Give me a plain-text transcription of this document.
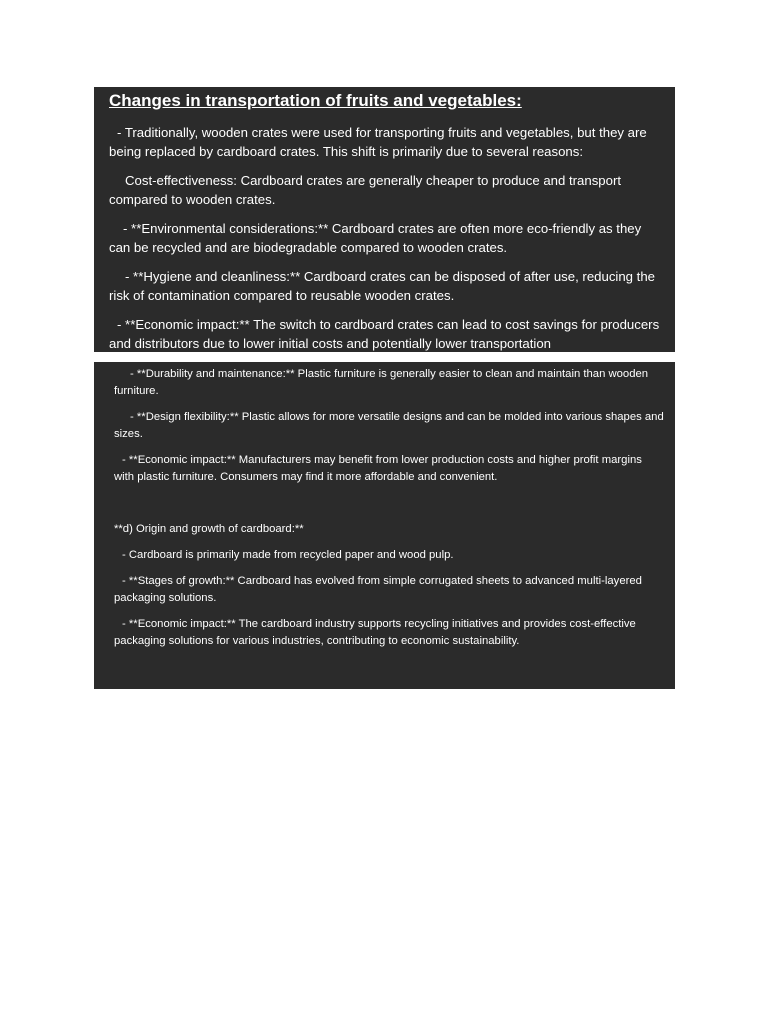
Changes in transportation of fruits and vegetables:

- Traditionally, wooden crates were used for transporting fruits and vegetables, but they are being replaced by cardboard crates. This shift is primarily due to several reasons:

Cost-effectiveness: Cardboard crates are generally cheaper to produce and transport compared to wooden crates.

- **Environmental considerations:** Cardboard crates are often more eco-friendly as they can be recycled and are biodegradable compared to wooden crates.

- **Hygiene and cleanliness:** Cardboard crates can be disposed of after use, reducing the risk of contamination compared to reusable wooden crates.

- **Economic impact:** The switch to cardboard crates can lead to cost savings for producers and distributors due to lower initial costs and potentially lower transportation

- **Durability and maintenance:** Plastic furniture is generally easier to clean and maintain than wooden furniture.

- **Design flexibility:** Plastic allows for more versatile designs and can be molded into various shapes and sizes.

- **Economic impact:** Manufacturers may benefit from lower production costs and higher profit margins with plastic furniture. Consumers may find it more affordable and convenient.

**d) Origin and growth of cardboard:**

- Cardboard is primarily made from recycled paper and wood pulp.

- **Stages of growth:** Cardboard has evolved from simple corrugated sheets to advanced multi-layered packaging solutions.

- **Economic impact:** The cardboard industry supports recycling initiatives and provides cost-effective packaging solutions for various industries, contributing to economic sustainability.
